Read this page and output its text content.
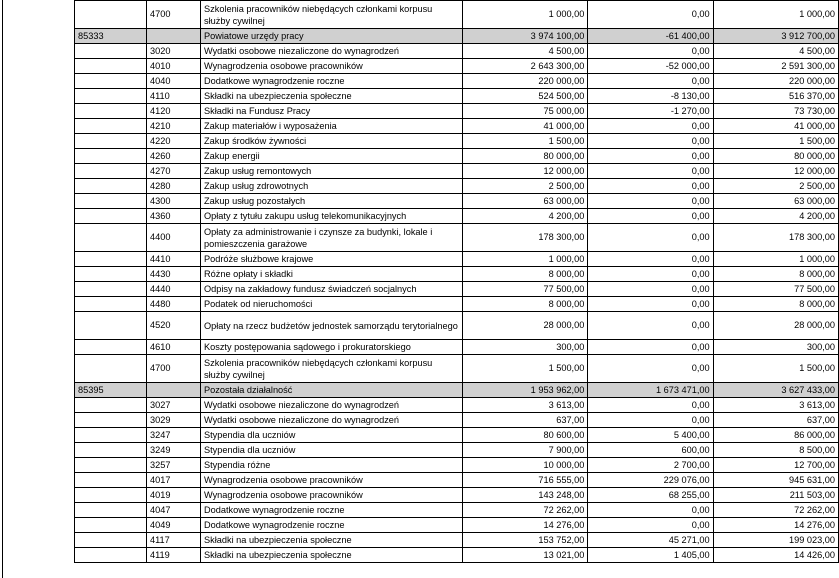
	4700	Szkolenia pracowników niebędących członkami korpusu służby cywilnej	1 000,00	0,00	1 000,00
85333		Powiatowe urzędy pracy	3 974 100,00	-61 400,00	3 912 700,00
	3020	Wydatki osobowe niezaliczone do wynagrodzeń	4 500,00	0,00	4 500,00
	4010	Wynagrodzenia osobowe pracowników	2 643 300,00	-52 000,00	2 591 300,00
	4040	Dodatkowe wynagrodzenie roczne	220 000,00	0,00	220 000,00
	4110	Składki na ubezpieczenia społeczne	524 500,00	-8 130,00	516 370,00
	4120	Składki na Fundusz Pracy	75 000,00	-1 270,00	73 730,00
	4210	Zakup materiałów i wyposażenia	41 000,00	0,00	41 000,00
	4220	Zakup środków żywności	1 500,00	0,00	1 500,00
	4260	Zakup energii	80 000,00	0,00	80 000,00
	4270	Zakup usług remontowych	12 000,00	0,00	12 000,00
	4280	Zakup usług zdrowotnych	2 500,00	0,00	2 500,00
	4300	Zakup usług pozostałych	63 000,00	0,00	63 000,00
	4360	Opłaty z tytułu zakupu usług telekomunikacyjnych	4 200,00	0,00	4 200,00
	4400	Opłaty za administrowanie i czynsze za budynki, lokale i pomieszczenia garażowe	178 300,00	0,00	178 300,00
	4410	Podróże służbowe krajowe	1 000,00	0,00	1 000,00
	4430	Różne opłaty i składki	8 000,00	0,00	8 000,00
	4440	Odpisy na zakładowy fundusz świadczeń socjalnych	77 500,00	0,00	77 500,00
	4480	Podatek od nieruchomości	8 000,00	0,00	8 000,00
	4520	Opłaty na rzecz budżetów jednostek samorządu terytorialnego	28 000,00	0,00	28 000,00
	4610	Koszty postępowania sądowego i prokuratorskiego	300,00	0,00	300,00
	4700	Szkolenia pracowników niebędących członkami korpusu służby cywilnej	1 500,00	0,00	1 500,00
85395		Pozostała działalność	1 953 962,00	1 673 471,00	3 627 433,00
	3027	Wydatki osobowe niezaliczone do wynagrodzeń	3 613,00	0,00	3 613,00
	3029	Wydatki osobowe niezaliczone do wynagrodzeń	637,00	0,00	637,00
	3247	Stypendia dla uczniów	80 600,00	5 400,00	86 000,00
	3249	Stypendia dla uczniów	7 900,00	600,00	8 500,00
	3257	Stypendia różne	10 000,00	2 700,00	12 700,00
	4017	Wynagrodzenia osobowe pracowników	716 555,00	229 076,00	945 631,00
	4019	Wynagrodzenia osobowe pracowników	143 248,00	68 255,00	211 503,00
	4047	Dodatkowe wynagrodzenie roczne	72 262,00	0,00	72 262,00
	4049	Dodatkowe wynagrodzenie roczne	14 276,00	0,00	14 276,00
	4117	Składki na ubezpieczenia społeczne	153 752,00	45 271,00	199 023,00
	4119	Składki na ubezpieczenia społeczne	13 021,00	1 405,00	14 426,00
